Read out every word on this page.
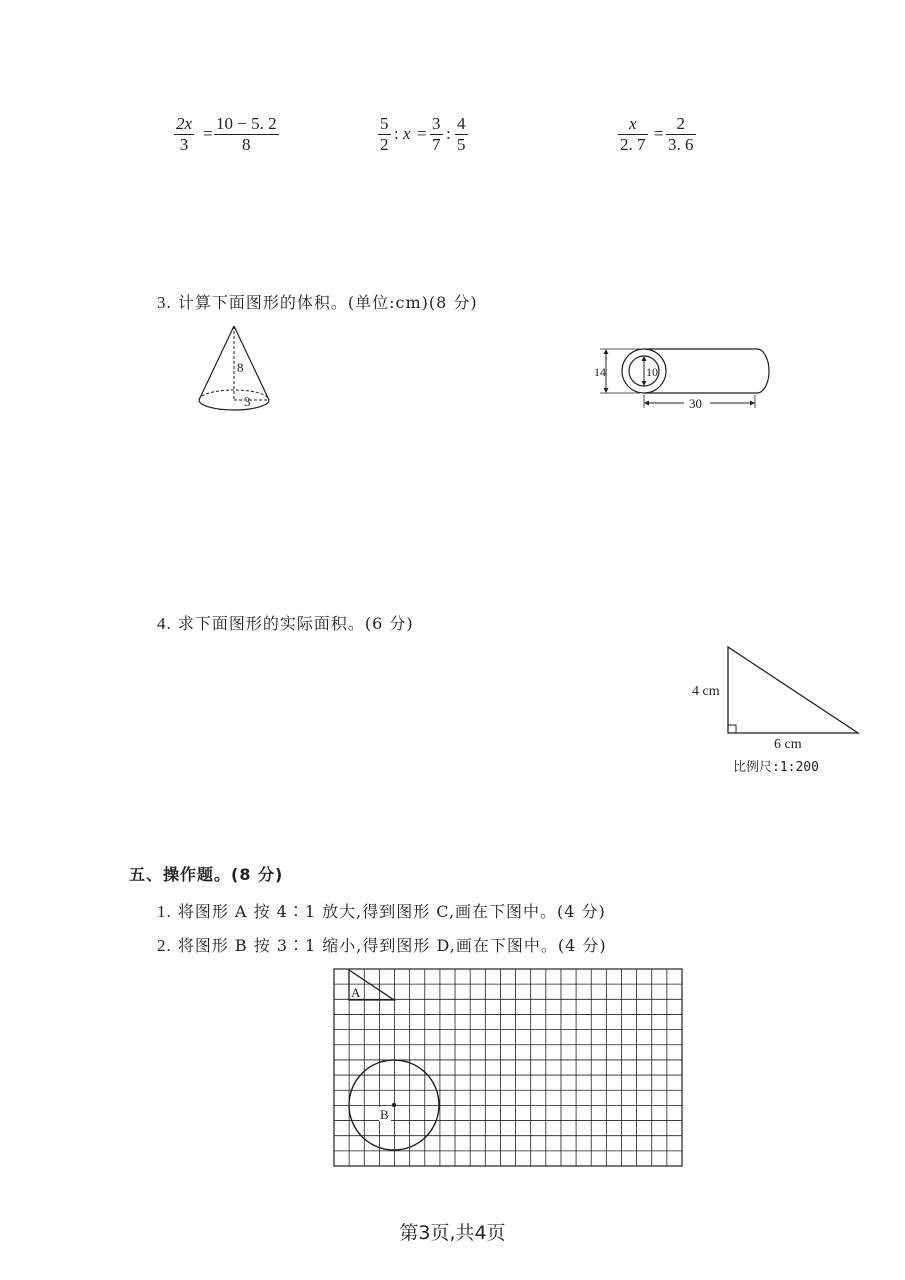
2x
3
=
10 − 5. 2
8
5
2
: x =
3
7
:
4
5
x
2. 7
=
2
3. 6
3. 计算下面图形的体积。(单位:cm)(8 分)
8
3
10
14
30
4. 求下面图形的实际面积。(6 分)
4 cm
6 cm
比例尺:1:200
五、操作题。(8 分)
1. 将图形 A 按 4∶1 放大,得到图形 C,画在下图中。(4 分)
2. 将图形 B 按 3∶1 缩小,得到图形 D,画在下图中。(4 分)
A
B
第3页,共4页
